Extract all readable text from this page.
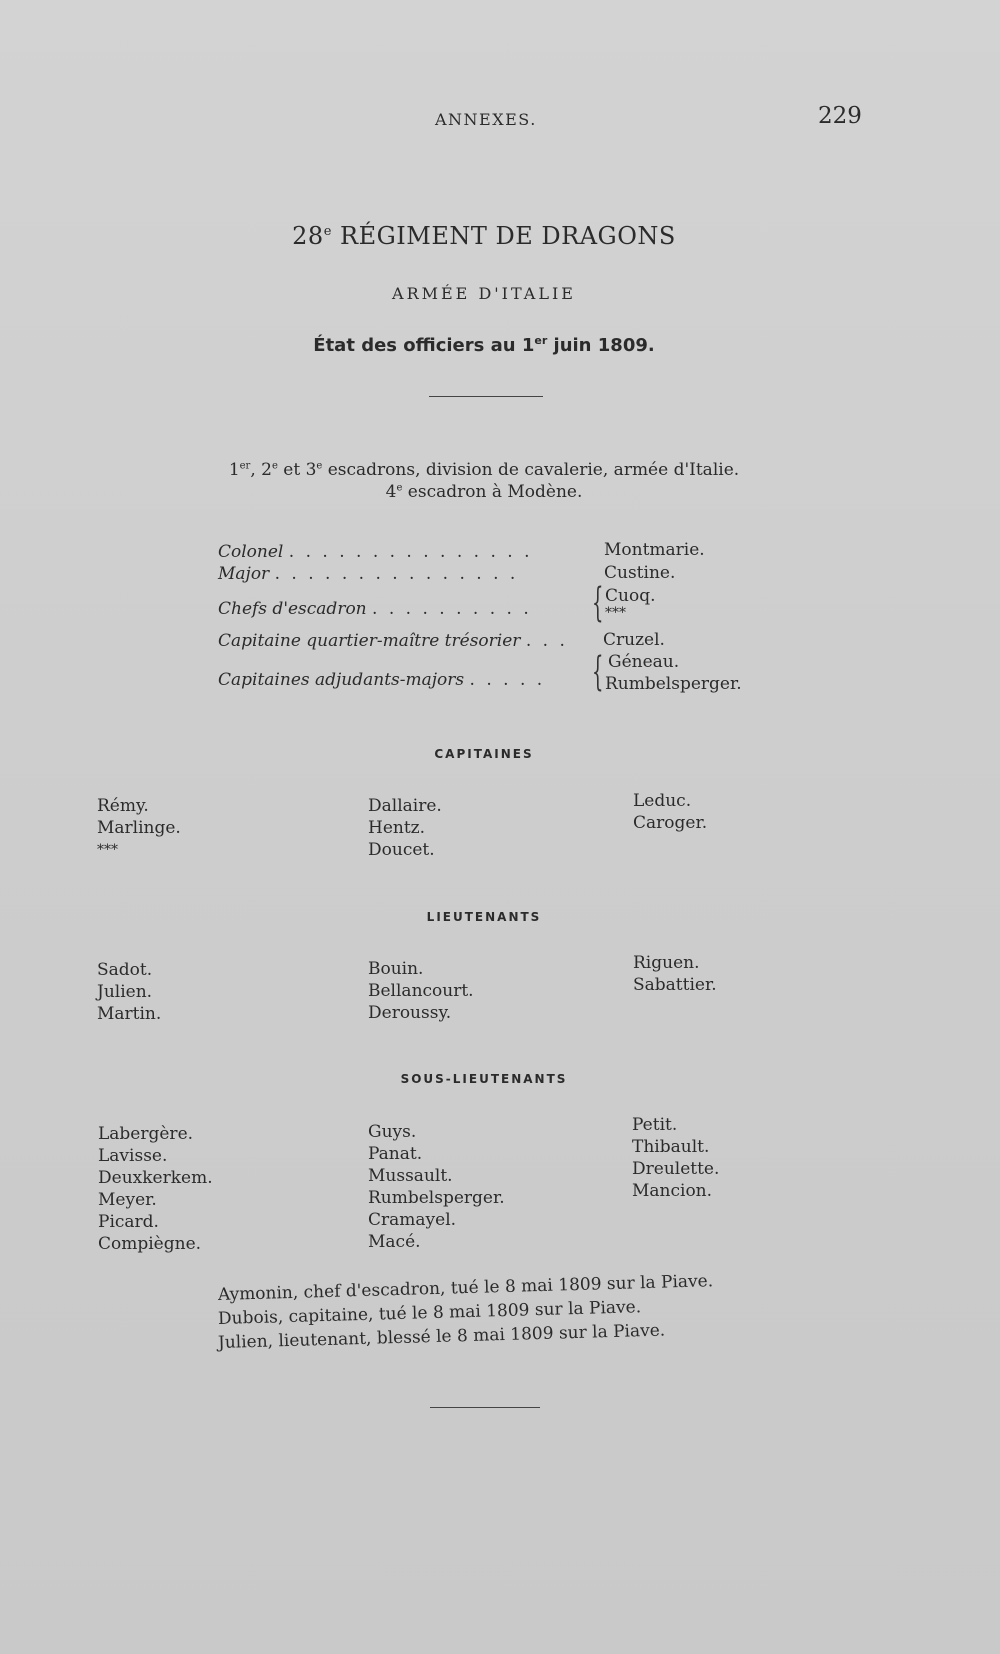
ANNEXES.	229
28e RÉGIMENT DE DRAGONS
ARMÉE D'ITALIE
État des officiers au 1er juin 1809.
1er, 2e et 3e escadrons, division de cavalerie, armée d'Italie.
4e escadron à Modène.
Colonel . . . . . . . . . . . . . . .	Montmarie.
Major . . . . . . . . . . . . . . .	Custine.
Chefs d'escadron . . . . . . . . . . { Cuoq.
***
Capitaine quartier-maître trésorier . . . Cruzel.
Capitaines adjudants-majors . . . . . { Géneau.
Rumbelsperger.
CAPITAINES
Rémy.
Marlinge.
***
Dallaire.
Hentz.
Doucet.
Leduc.
Caroger.
LIEUTENANTS
Sadot.
Julien.
Martin.
Bouin.
Bellancourt.
Deroussy.
Riguen.
Sabattier.
SOUS-LIEUTENANTS
Labergère.
Lavisse.
Deuxkerkem.
Meyer.
Picard.
Compiègne.
Guys.
Panat.
Mussault.
Rumbelsperger.
Cramayel.
Macé.
Petit.
Thibault.
Dreulette.
Mancion.
Aymonin, chef d'escadron, tué le 8 mai 1809 sur la Piave.
Dubois, capitaine, tué le 8 mai 1809 sur la Piave.
Julien, lieutenant, blessé le 8 mai 1809 sur la Piave.
